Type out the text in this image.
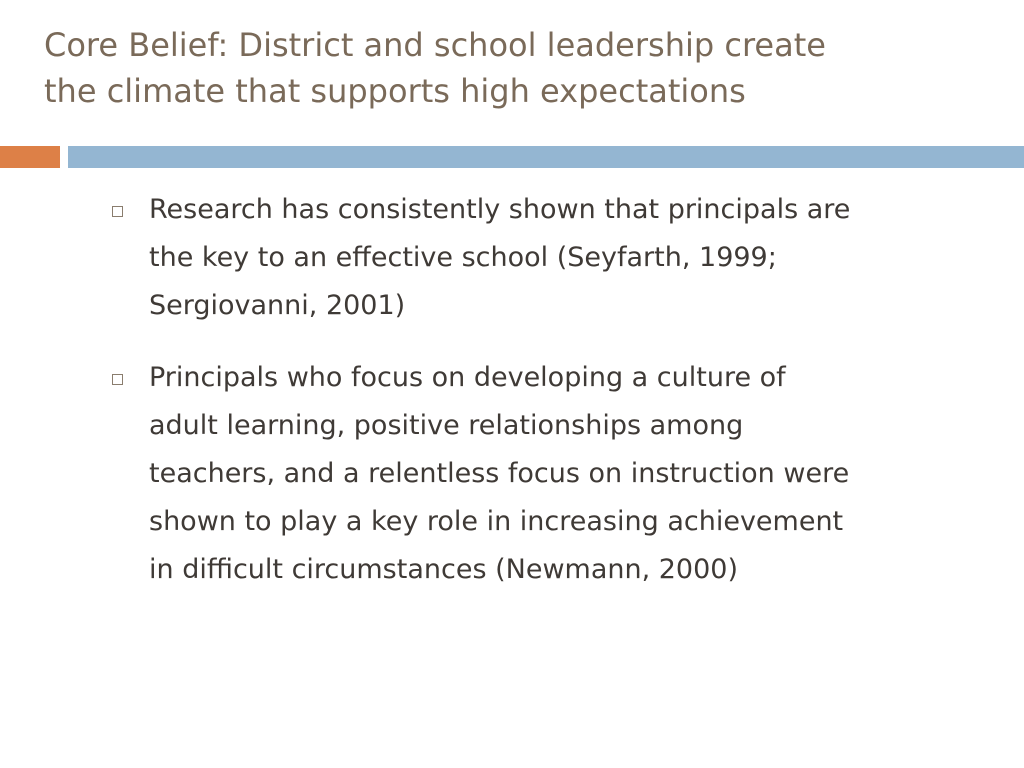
Core Belief: District and school leadership create
the climate that supports high expectations
Research has consistently shown that principals are
the key to an effective school (Seyfarth, 1999;
Sergiovanni, 2001)
Principals who focus on developing a culture of
adult learning, positive relationships among
teachers, and a relentless focus on instruction were
shown to play a key role in increasing achievement
in difficult circumstances (Newmann, 2000)
